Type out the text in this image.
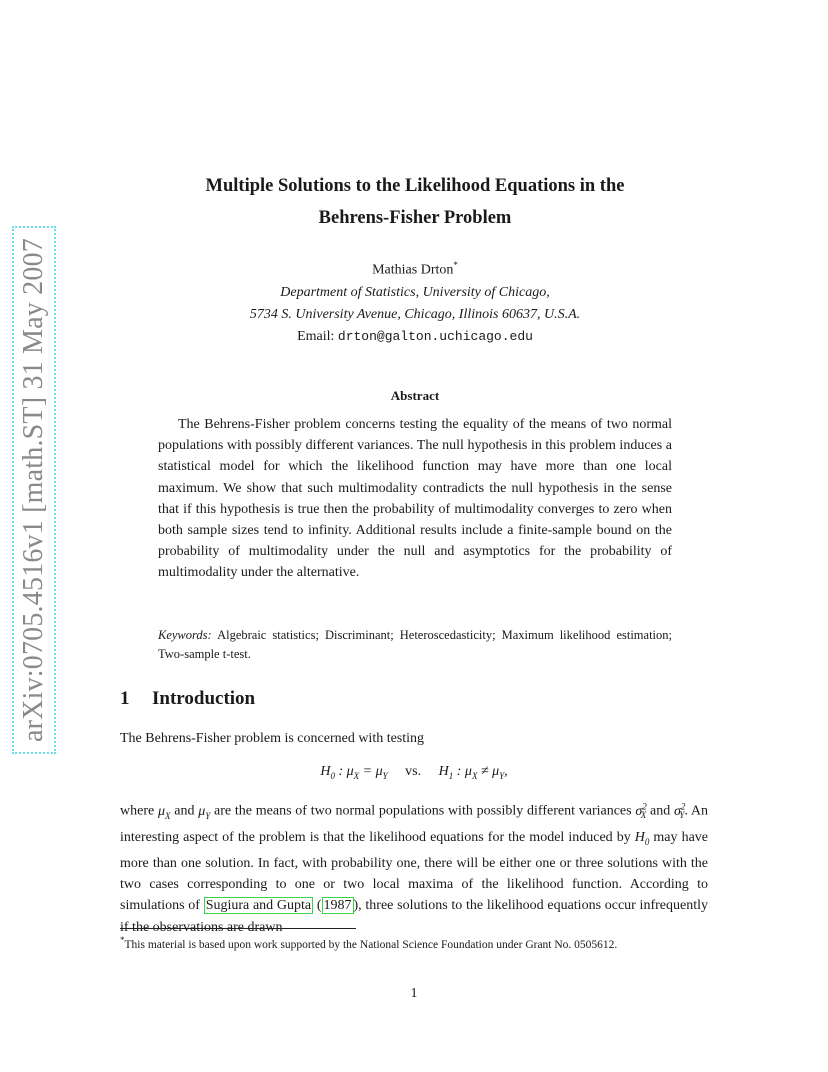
arXiv:0705.4516v1 [math.ST] 31 May 2007
Multiple Solutions to the Likelihood Equations in the
Behrens-Fisher Problem
Mathias Drton*
Department of Statistics, University of Chicago,
5734 S. University Avenue, Chicago, Illinois 60637, U.S.A.
Email: drton@galton.uchicago.edu
Abstract

The Behrens-Fisher problem concerns testing the equality of the means of two normal populations with possibly different variances. The null hypothesis in this problem induces a statistical model for which the likelihood function may have more than one local maximum. We show that such multimodality contradicts the null hypothesis in the sense that if this hypothesis is true then the probability of multimodality converges to zero when both sample sizes tend to infinity. Additional results include a finite-sample bound on the probability of multimodality under the null and asymptotics for the probability of multimodality under the alternative.

Keywords: Algebraic statistics; Discriminant; Heteroscedasticity; Maximum likelihood estimation; Two-sample t-test.
1 Introduction
The Behrens-Fisher problem is concerned with testing
$H_0$ : $\mu_X = \mu_Y$ vs. $H_1$ : $\mu_X \ne \mu_Y$,
where $\mu_X$ and $\mu_Y$ are the means of two normal populations with possibly different variances $\sigma^2_X$ and $\sigma^2_Y$. An interesting aspect of the problem is that the likelihood equations for the model induced by $H_0$ may have more than one solution. In fact, with probability one, there will be either one or three solutions with the two cases corresponding to one or two local maxima of the likelihood function. According to simulations of Sugiura and Gupta ( 1987 ), three solutions to the likelihood equations occur infrequently if the observations are drawn
*This material is based upon work supported by the National Science Foundation under Grant No. 0505612.
1
